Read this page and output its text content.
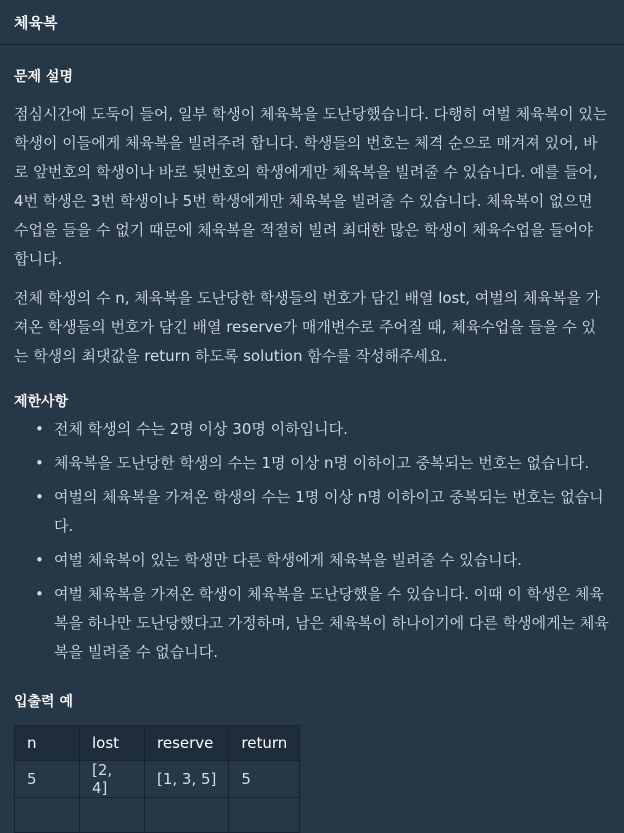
체육복
문제 설명

점심시간에 도둑이 들어, 일부 학생이 체육복을 도난당했습니다. 다행히 여벌 체육복이 있는 학생이 이들에게 체육복을 빌려주려 합니다. 학생들의 번호는 체격 순으로 매겨져 있어, 바로 앞번호의 학생이나 바로 뒷번호의 학생에게만 체육복을 빌려줄 수 있습니다. 예를 들어, 4번 학생은 3번 학생이나 5번 학생에게만 체육복을 빌려줄 수 있습니다. 체육복이 없으면 수업을 들을 수 없기 때문에 체육복을 적절히 빌려 최대한 많은 학생이 체육수업을 들어야 합니다.

전체 학생의 수 n, 체육복을 도난당한 학생들의 번호가 담긴 배열 lost, 여벌의 체육복을 가져온 학생들의 번호가 담긴 배열 reserve가 매개변수로 주어질 때, 체육수업을 들을 수 있는 학생의 최댓값을 return 하도록 solution 함수를 작성해주세요.

제한사항
• 전체 학생의 수는 2명 이상 30명 이하입니다.
• 체육복을 도난당한 학생의 수는 1명 이상 n명 이하이고 중복되는 번호는 없습니다.
• 여벌의 체육복을 가져온 학생의 수는 1명 이상 n명 이하이고 중복되는 번호는 없습니다.
• 여벌 체육복이 있는 학생만 다른 학생에게 체육복을 빌려줄 수 있습니다.
• 여벌 체육복을 가져온 학생이 체육복을 도난당했을 수 있습니다. 이때 이 학생은 체육복을 하나만 도난당했다고 가정하며, 남은 체육복이 하나이기에 다른 학생에게는 체육복을 빌려줄 수 없습니다.
입출력 예
n	lost	reserve	return
5	[2, 4]	[1, 3, 5]	5
